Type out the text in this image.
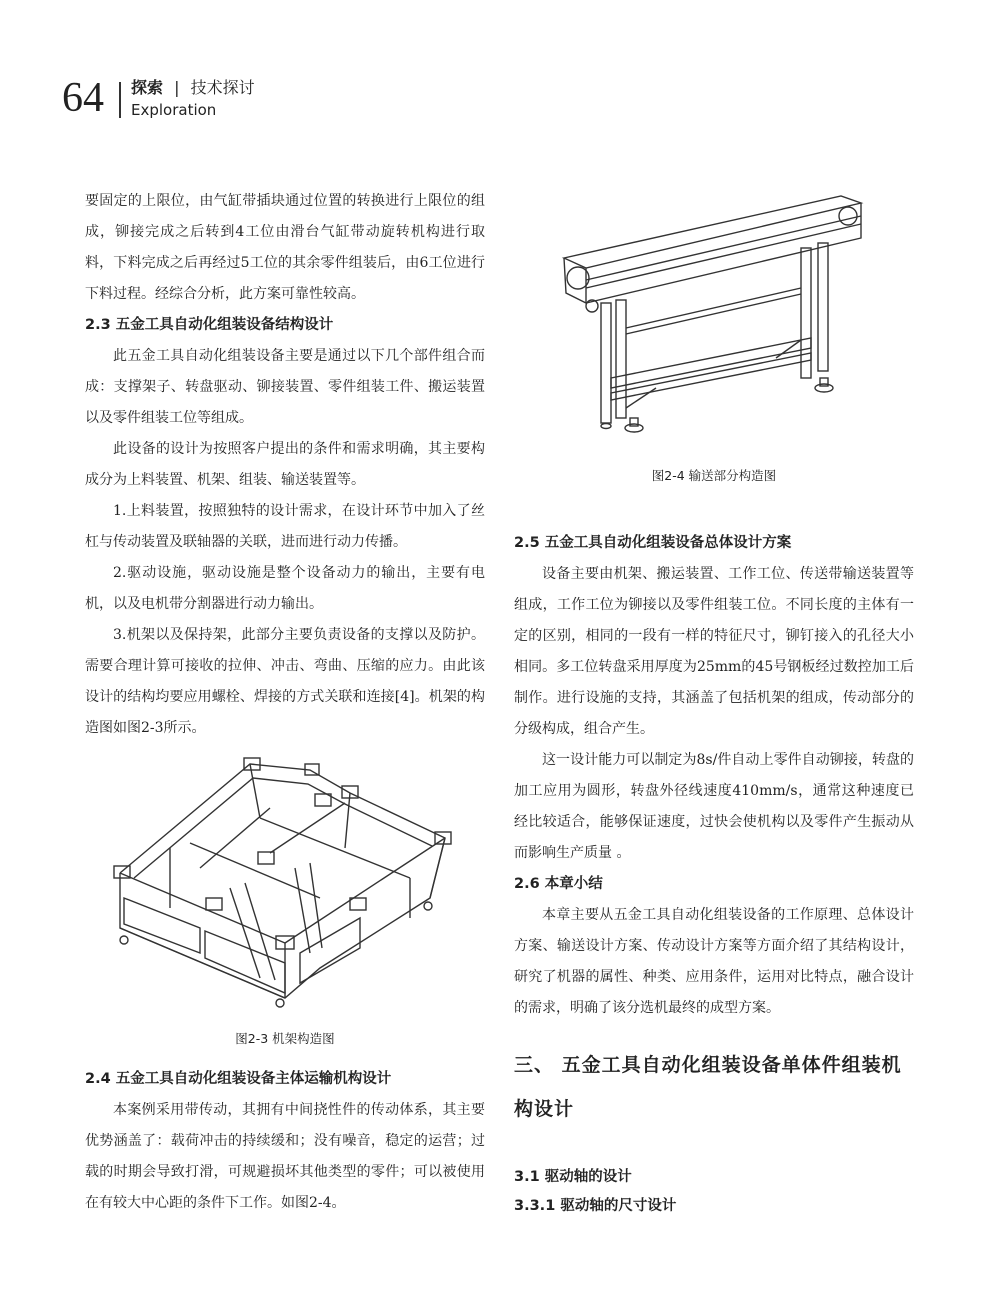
64 探索 | 技术探讨
Exploration

要固定的上限位，由气缸带插块通过位置的转换进行上限位的组成，铆接完成之后转到4工位由滑台气缸带动旋转机构进行取料，下料完成之后再经过5工位的其余零件组装后，由6工位进行下料过程。经综合分析，此方案可靠性较高。

2.3 五金工具自动化组装设备结构设计

此五金工具自动化组装设备主要是通过以下几个部件组合而成：支撑架子、转盘驱动、铆接装置、零件组装工件、搬运装置以及零件组装工位等组成。

此设备的设计为按照客户提出的条件和需求明确，其主要构成分为上料装置、机架、组装、输送装置等。

1.上料装置，按照独特的设计需求，在设计环节中加入了丝杠与传动装置及联轴器的关联，进而进行动力传播。

2.驱动设施，驱动设施是整个设备动力的输出，主要有电机，以及电机带分割器进行动力输出。

3.机架以及保持架，此部分主要负责设备的支撑以及防护。需要合理计算可接收的拉伸、冲击、弯曲、压缩的应力。由此该设计的结构均要应用螺栓、焊接的方式关联和连接[4]。机架的构造图如图2-3所示。

图2-3 机架构造图
2.4 五金工具自动化组装设备主体运输机构设计

本案例采用带传动，其拥有中间挠性件的传动体系，其主要优势涵盖了：载荷冲击的持续缓和；没有噪音，稳定的运营；过载的时期会导致打滑，可规避损坏其他类型的零件；可以被使用在有较大中心距的条件下工作。如图2-4。

图2-4 输送部分构造图
2.5 五金工具自动化组装设备总体设计方案

设备主要由机架、搬运装置、工作工位、传送带输送装置等组成，工作工位为铆接以及零件组装工位。不同长度的主体有一定的区别，相同的一段有一样的特征尺寸，铆钉接入的孔径大小相同。多工位转盘采用厚度为25mm的45号钢板经过数控加工后制作。进行设施的支持，其涵盖了包括机架的组成，传动部分的分级构成，组合产生。

这一设计能力可以制定为8s/件自动上零件自动铆接，转盘的加工应用为圆形，转盘外径线速度410mm/s，通常这种速度已经比较适合，能够保证速度，过快会使机构以及零件产生振动从而影响生产质量 。

2.6 本章小结

本章主要从五金工具自动化组装设备的工作原理、总体设计方案、输送设计方案、传动设计方案等方面介绍了其结构设计，研究了机器的属性、种类、应用条件，运用对比特点，融合设计的需求，明确了该分选机最终的成型方案。

三、 五金工具自动化组装设备单体件组装机构设计
3.1 驱动轴的设计
3.3.1 驱动轴的尺寸设计
